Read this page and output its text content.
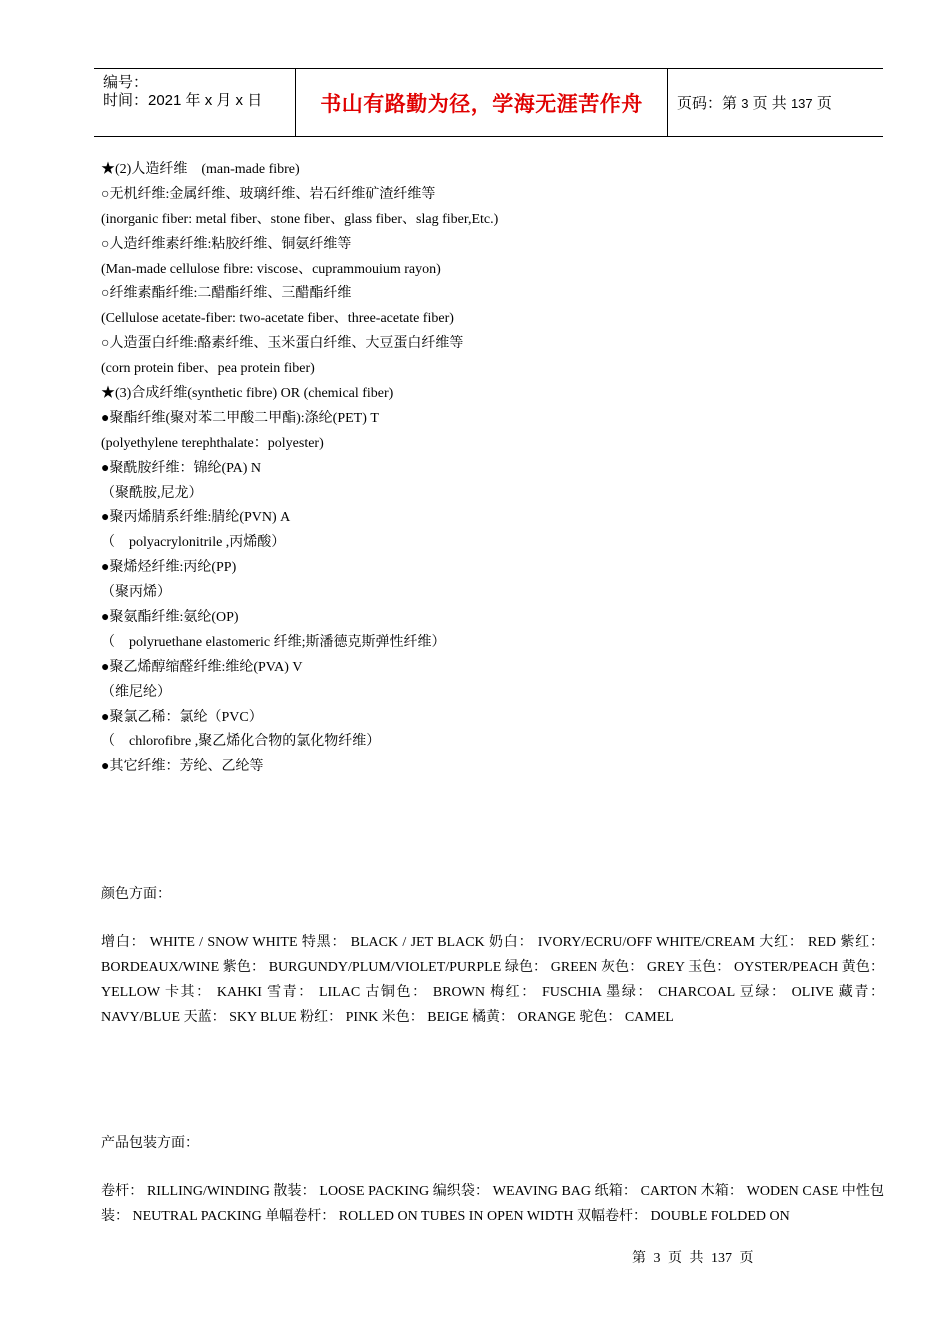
编号：
时间：2021 年 x 月 x 日	书山有路勤为径，学海无涯苦作舟 页码：第 3 页 共 137 页
★(2)人造纤维　(man-made fibre)
○无机纤维:金属纤维、玻璃纤维、岩石纤维矿渣纤维等
(inorganic fiber: metal fiber、stone fiber、glass fiber、slag fiber,Etc.)
○人造纤维素纤维:粘胶纤维、铜氨纤维等
(Man-made cellulose fibre: viscose、cuprammouium rayon)
○纤维素酯纤维:二醋酯纤维、三醋酯纤维
(Cellulose acetate-fiber: two-acetate fiber、three-acetate fiber)
○人造蛋白纤维:酪素纤维、玉米蛋白纤维、大豆蛋白纤维等
(corn protein fiber、pea protein fiber)
★(3)合成纤维(synthetic fibre) OR (chemical fiber)
●聚酯纤维(聚对苯二甲酸二甲酯):涤纶(PET) T
(polyethylene terephthalate：polyester)
●聚酰胺纤维：锦纶(PA) N
（聚酰胺,尼龙）
●聚丙烯腈系纤维:腈纶(PVN) A
（　polyacrylonitrile ,丙烯酸）
●聚烯烃纤维:丙纶(PP)
（聚丙烯）
●聚氨酯纤维:氨纶(OP)
（　polyruethane elastomeric 纤维;斯潘德克斯弹性纤维）
●聚乙烯醇缩醛纤维:维纶(PVA) V
（维尼纶）
●聚氯乙稀：氯纶（PVC）
（　chlorofibre ,聚乙烯化合物的氯化物纤维）
●其它纤维：芳纶、乙纶等
颜色方面：
增白： WHITE / SNOW WHITE 特黑： BLACK / JET BLACK 奶白： IVORY/ECRU/OFF WHITE/CREAM 大红： RED 紫红： BORDEAUX/WINE 紫色： BURGUNDY/PLUM/VIOLET/PURPLE 绿色： GREEN 灰色： GREY 玉色： OYSTER/PEACH 黄色： YELLOW 卡其： KAHKI 雪青： LILAC 古铜色： BROWN 梅红： FUSCHIA 墨绿： CHARCOAL 豆绿： OLIVE 藏青： NAVY/BLUE 天蓝： SKY BLUE 粉红： PINK 米色： BEIGE 橘黄： ORANGE 驼色： CAMEL
产品包装方面：
卷杆： RILLING/WINDING 散装： LOOSE PACKING 编织袋： WEAVING BAG 纸箱： CARTON 木箱： WODEN CASE 中性包装： NEUTRAL PACKING 单幅卷杆： ROLLED ON TUBES IN OPEN WIDTH 双幅卷杆： DOUBLE FOLDED ON
第 3 页 共 137 页
